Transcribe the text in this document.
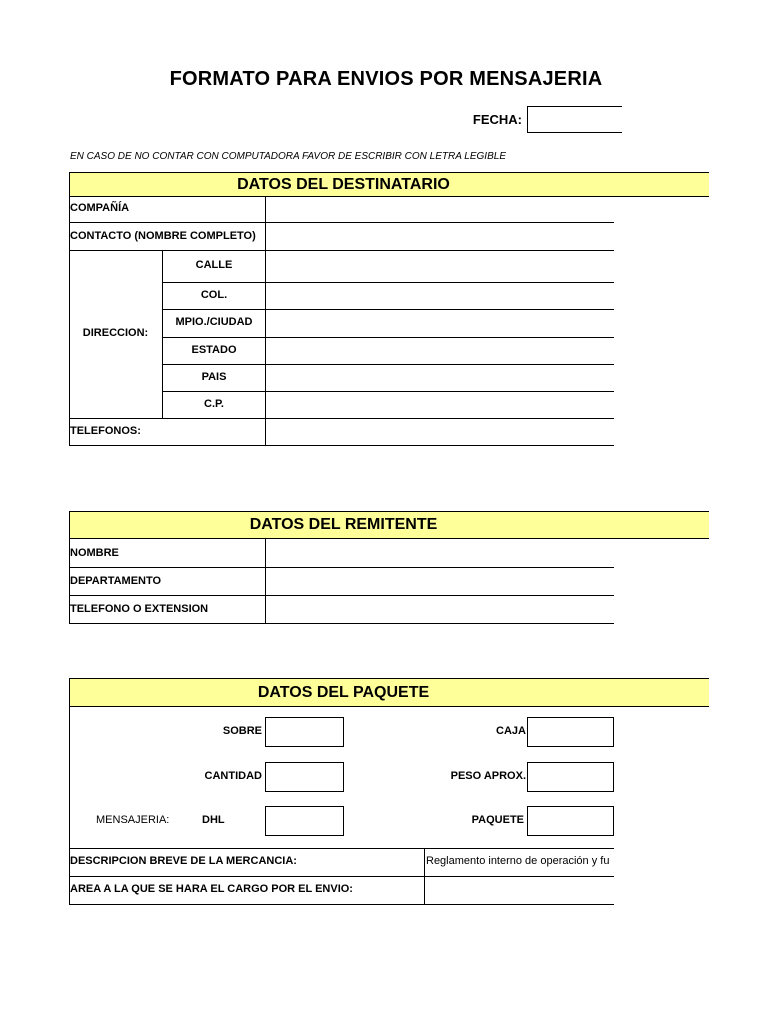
FORMATO PARA ENVIOS POR MENSAJERIA
FECHA:
EN CASO DE NO CONTAR CON COMPUTADORA FAVOR DE ESCRIBIR CON LETRA LEGIBLE
DATOS DEL DESTINATARIO
COMPAÑÍA
CONTACTO (NOMBRE COMPLETO)
DIRECCION:
CALLE
COL.
MPIO./CIUDAD
ESTADO
PAIS
C.P.
TELEFONOS:
DATOS DEL REMITENTE
NOMBRE
DEPARTAMENTO
TELEFONO O EXTENSION
DATOS DEL PAQUETE
SOBRE	CAJA
CANTIDAD	PESO APROX.
MENSAJERIA:	DHL	PAQUETE
DESCRIPCION BREVE DE LA MERCANCIA:	Reglamento interno de operación y fu
AREA A LA QUE SE HARA EL CARGO POR EL ENVIO:
